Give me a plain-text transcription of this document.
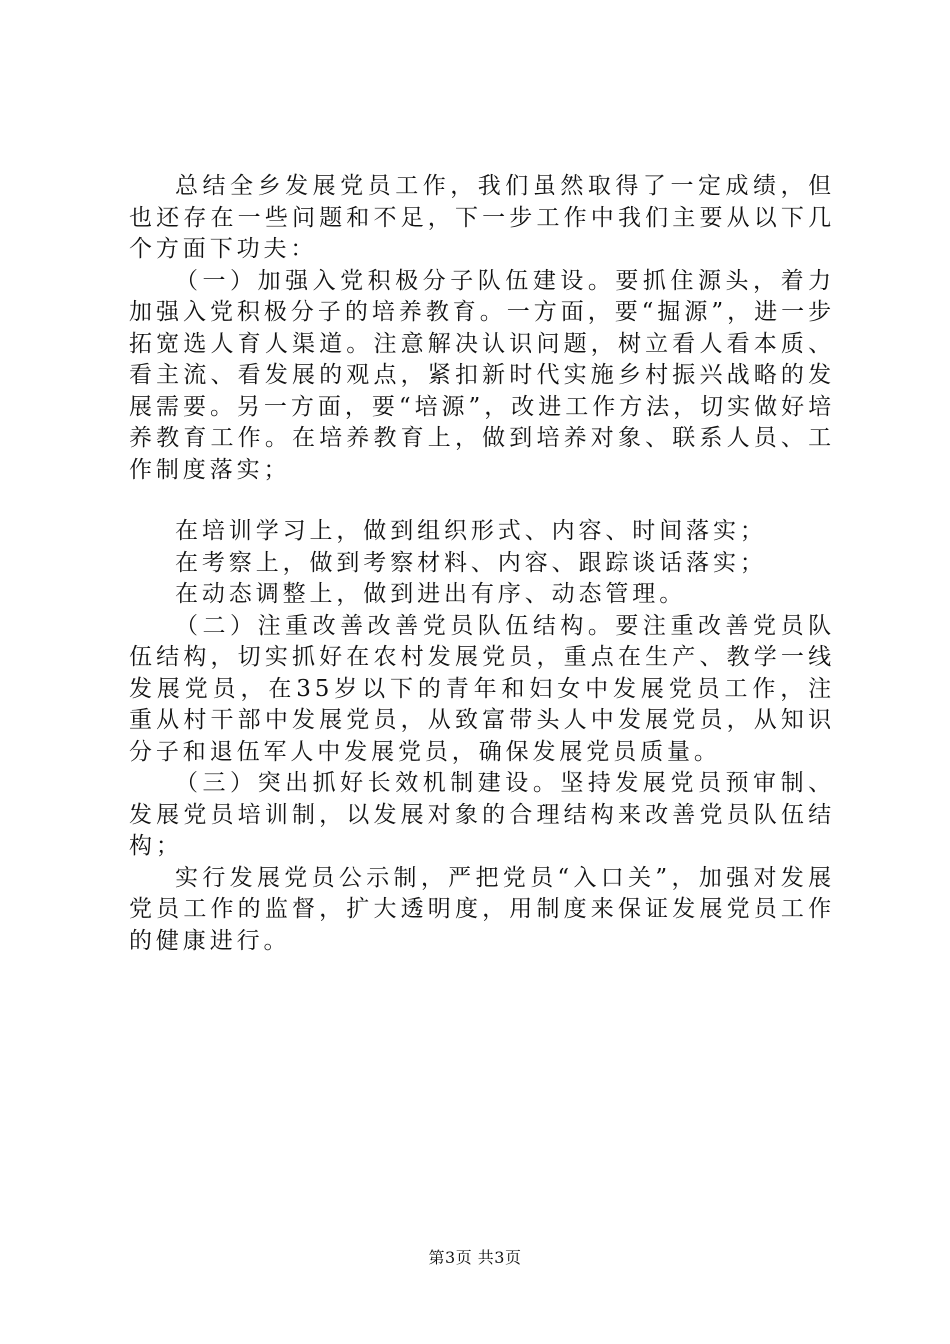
总结全乡发展党员工作，我们虽然取得了一定成绩，但也还存在一些问题和不足，下一步工作中我们主要从以下几个方面下功夫：

（一）加强入党积极分子队伍建设。要抓住源头，着力加强入党积极分子的培养教育。一方面，要“掘源”，进一步拓宽选人育人渠道。注意解决认识问题，树立看人看本质、看主流、看发展的观点，紧扣新时代实施乡村振兴战略的发展需要。另一方面，要“培源”，改进工作方法，切实做好培养教育工作。在培养教育上，做到培养对象、联系人员、工作制度落实；

在培训学习上，做到组织形式、内容、时间落实；

在考察上，做到考察材料、内容、跟踪谈话落实；

在动态调整上，做到进出有序、动态管理。

（二）注重改善改善党员队伍结构。要注重改善党员队伍结构，切实抓好在农村发展党员，重点在生产、教学一线发展党员，在35岁以下的青年和妇女中发展党员工作，注重从村干部中发展党员，从致富带头人中发展党员，从知识分子和退伍军人中发展党员，确保发展党员质量。

（三）突出抓好长效机制建设。坚持发展党员预审制、发展党员培训制，以发展对象的合理结构来改善党员队伍结构；

实行发展党员公示制，严把党员“入口关”，加强对发展党员工作的监督，扩大透明度，用制度来保证发展党员工作的健康进行。

第3页 共3页
